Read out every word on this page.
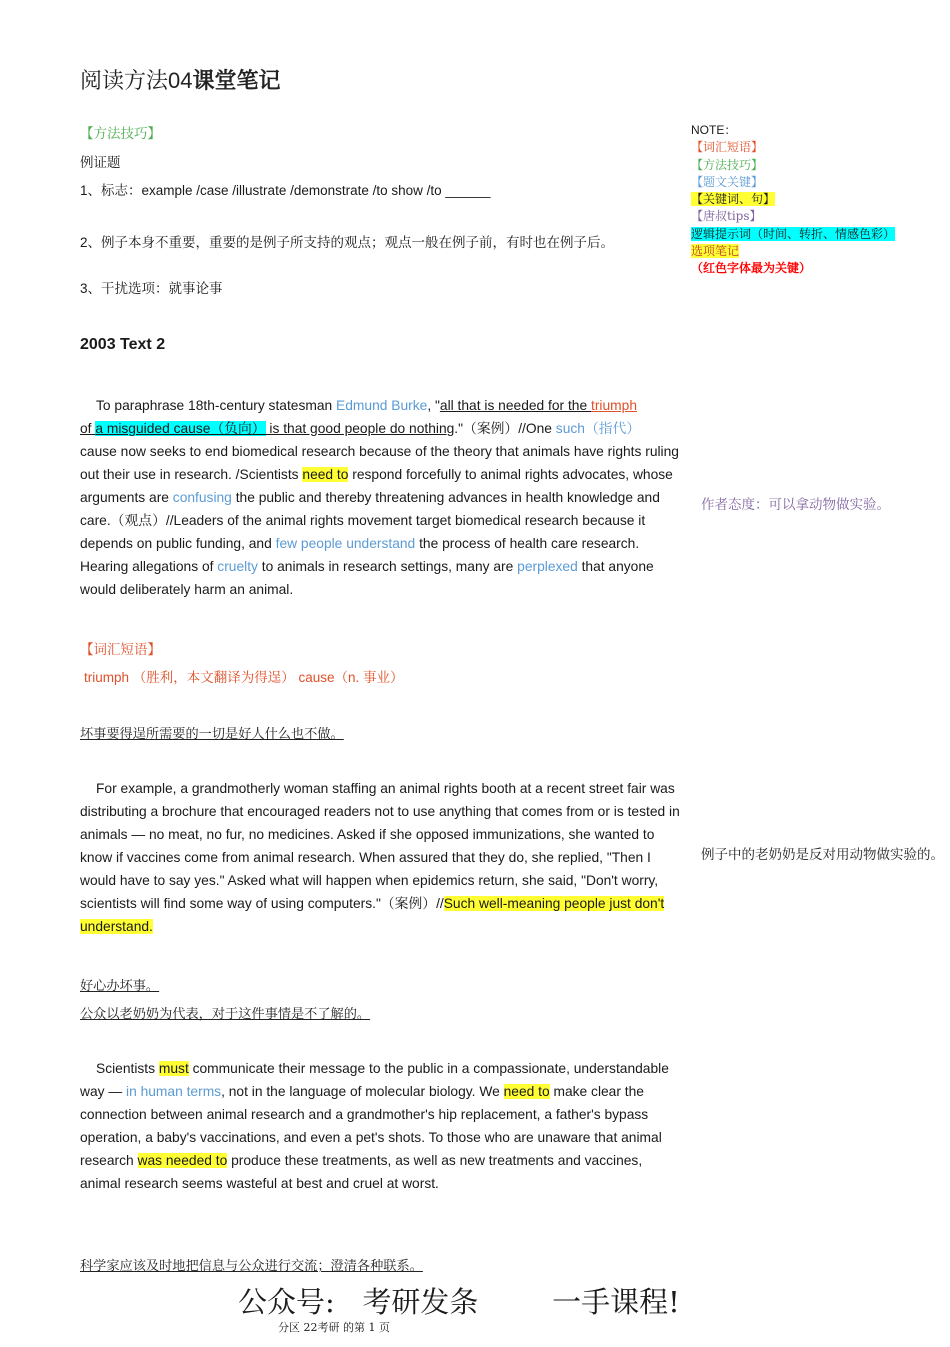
阅读方法04课堂笔记
【方法技巧】
例证题
1、标志：example /case /illustrate /demonstrate /to show /to ______
2、例子本身不重要，重要的是例子所支持的观点；观点一般在例子前，有时也在例子后。
3、干扰选项：就事论事
2003 Text 2
To paraphrase 18th-century statesman Edmund Burke, "all that is needed for the triumph
of a misguided cause（负向） is that good people do nothing."（案例）//One such（指代） cause now seeks to end biomedical research because of the theory that animals have rights ruling out their use in research. /Scientists need to respond forcefully to animal rights advocates, whose arguments are confusing the public and thereby threatening advances in health knowledge and care.（观点）//Leaders of the animal rights movement target biomedical research because it depends on public funding, and few people understand the process of health care research. Hearing allegations of cruelty to animals in research settings, many are perplexed that anyone would deliberately harm an animal.
【词汇短语】
triumph （胜利，本文翻译为得逞） cause（n. 事业）
坏事要得逞所需要的一切是好人什么也不做。
For example, a grandmotherly woman staffing an animal rights booth at a recent street fair was distributing a brochure that encouraged readers not to use anything that comes from or is tested in animals — no meat, no fur, no medicines. Asked if she opposed immunizations, she wanted to know if vaccines come from animal research. When assured that they do, she replied, "Then I would have to say yes." Asked what will happen when epidemics return, she said, "Don't worry, scientists will find some way of using computers."（案例）//Such well-meaning people just don't understand.
好心办坏事。
公众以老奶奶为代表，对于这件事情是不了解的。
Scientists must communicate their message to the public in a compassionate, understandable way — in human terms, not in the language of molecular biology. We need to make clear the connection between animal research and a grandmother's hip replacement, a father's bypass operation, a baby's vaccinations, and even a pet's shots. To those who are unaware that animal research was needed to produce these treatments, as well as new treatments and vaccines, animal research seems wasteful at best and cruel at worst.
科学家应该及时地把信息与公众进行交流；澄清各种联系。
NOTE：
【词汇短语】
【方法技巧】
【题文关键】
【关键词、句】
【唐叔tips】
逻辑提示词（时间、转折、情感色彩）
选项笔记
（红色字体最为关键）
作者态度：可以拿动物做实验。
例子中的老奶奶是反对用动物做实验的。
公众号:   考研发条        一手课程!
分区 22考研 的第 1 页
